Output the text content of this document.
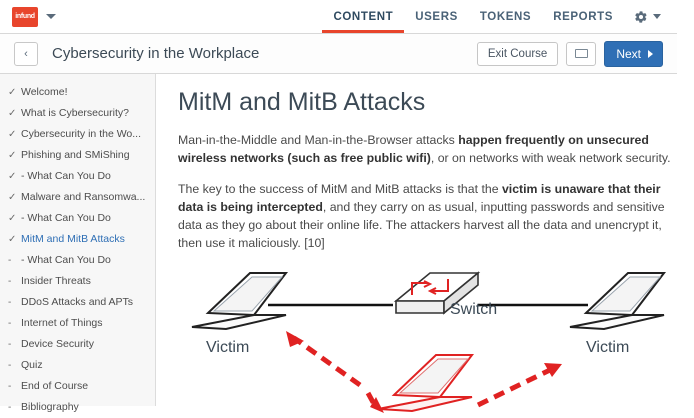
infund	CONTENT USERS TOKENS REPORTS
‹ Cybersecurity in the Workplace	Exit Course	Next
✓ Welcome!
✓ What is Cybersecurity?
✓ Cybersecurity in the Wo...
✓ Phishing and SMiShing
✓ - What Can You Do
✓ Malware and Ransomwa...
✓ - What Can You Do
✓ MitM and MitB Attacks
- - What Can You Do
- Insider Threats
- DDoS Attacks and APTs
- Internet of Things
- Device Security
- Quiz
- End of Course
- Bibliography
MitM and MitB Attacks

Man-in-the-Middle and Man-in-the-Browser attacks happen frequently on unsecured wireless networks (such as free public wifi), or on networks with weak network security.

The key to the success of MitM and MitB attacks is that the victim is unaware that their data is being intercepted, and they carry on as usual, inputting passwords and sensitive data as they go about their online life. The attackers harvest all the data and unencrypt it, then use it maliciously. [10]

Switch
Victim	Victim
